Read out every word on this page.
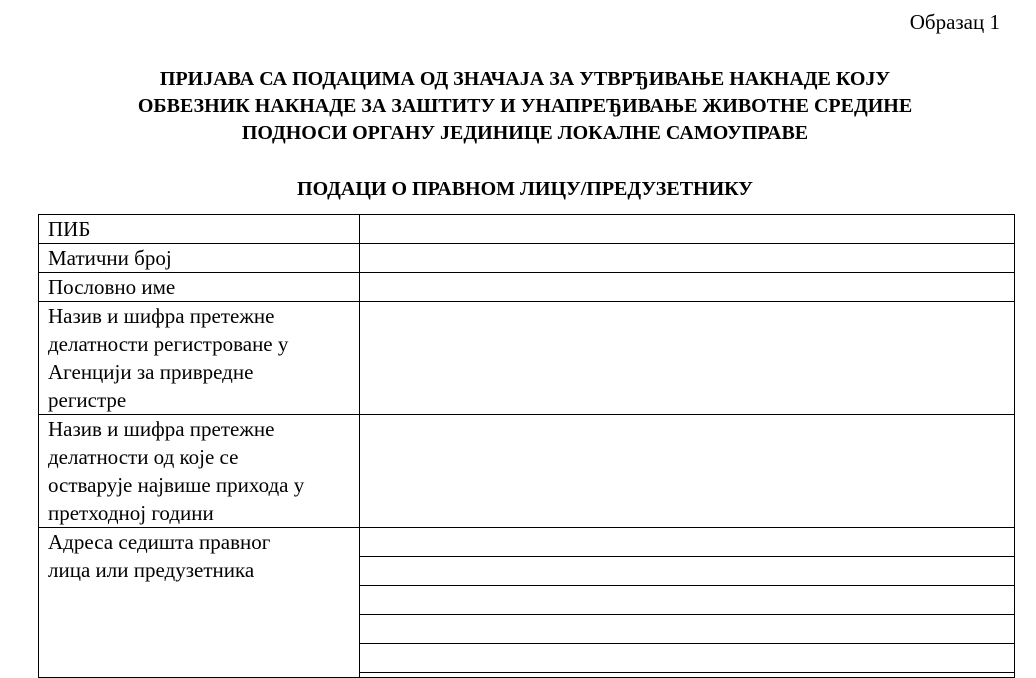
Образац 1
ПРИЈАВА СА ПОДАЦИМА ОД ЗНАЧАЈА ЗА УТВРЂИВАЊЕ НАКНАДЕ КОЈУ
ОБВЕЗНИК НАКНАДЕ ЗА ЗАШТИТУ И УНАПРЕЂИВАЊЕ ЖИВОТНЕ СРЕДИНЕ
ПОДНОСИ ОРГАНУ ЈЕДИНИЦЕ ЛОКАЛНЕ САМОУПРАВЕ
ПОДАЦИ О ПРАВНОМ ЛИЦУ/ПРЕДУЗЕТНИКУ
ПИБ	

Матични број	

Пословно име	

Назив и шифра претежне
делатности регистроване у
Агенцији за привредне
регистре	

Назив и шифра претежне
делатности од које се
остварује највише прихода у
претходној години	

Адреса седишта правног
лица или предузетника	
